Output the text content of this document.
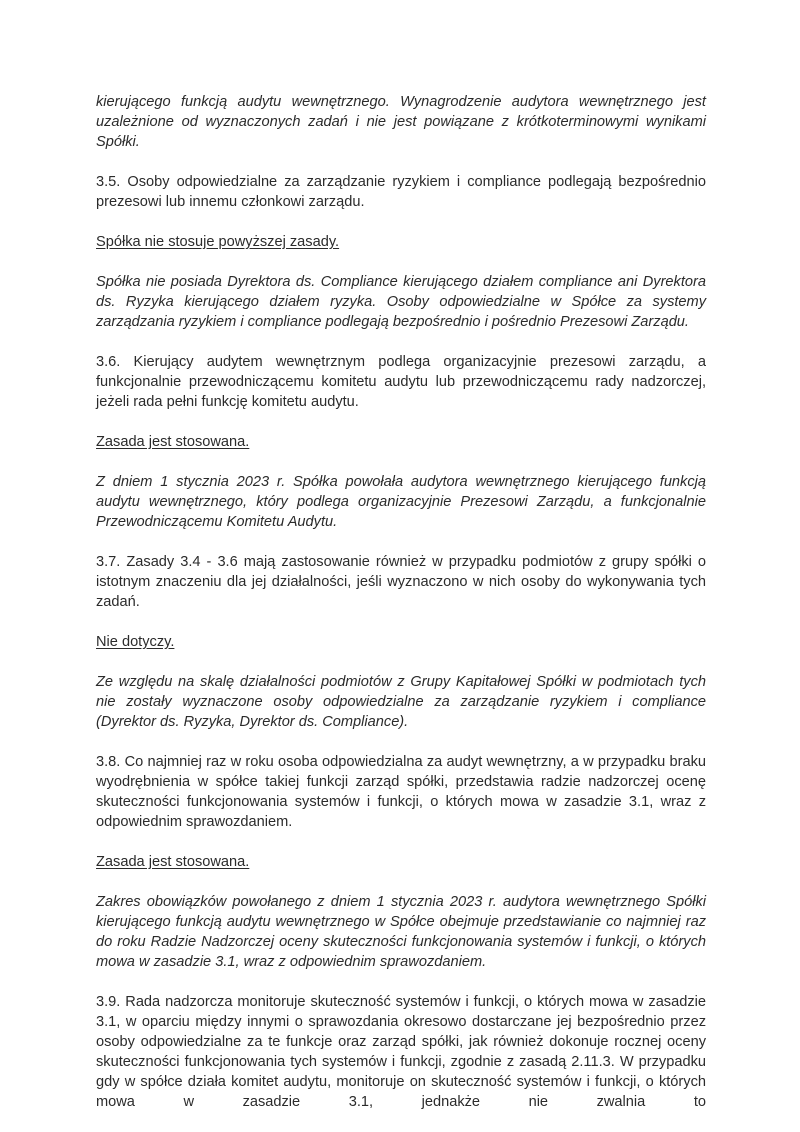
kierującego funkcją audytu wewnętrznego. Wynagrodzenie audytora wewnętrznego jest uzależnione od wyznaczonych zadań i nie jest powiązane z krótkoterminowymi wynikami Spółki.

3.5. Osoby odpowiedzialne za zarządzanie ryzykiem i compliance podlegają bezpośrednio prezesowi lub innemu członkowi zarządu.

Spółka nie stosuje powyższej zasady.

Spółka nie posiada Dyrektora ds. Compliance kierującego działem compliance ani Dyrektora ds. Ryzyka kierującego działem ryzyka. Osoby odpowiedzialne w Spółce za systemy zarządzania ryzykiem i compliance podlegają bezpośrednio i pośrednio Prezesowi Zarządu.

3.6. Kierujący audytem wewnętrznym podlega organizacyjnie prezesowi zarządu, a funkcjonalnie przewodniczącemu komitetu audytu lub przewodniczącemu rady nadzorczej, jeżeli rada pełni funkcję komitetu audytu.

Zasada jest stosowana.

Z dniem 1 stycznia 2023 r. Spółka powołała audytora wewnętrznego kierującego funkcją audytu wewnętrznego, który podlega organizacyjnie Prezesowi Zarządu, a funkcjonalnie Przewodniczącemu Komitetu Audytu.

3.7. Zasady 3.4 - 3.6 mają zastosowanie również w przypadku podmiotów z grupy spółki o istotnym znaczeniu dla jej działalności, jeśli wyznaczono w nich osoby do wykonywania tych zadań.

Nie dotyczy.

Ze względu na skalę działalności podmiotów z Grupy Kapitałowej Spółki w podmiotach tych nie zostały wyznaczone osoby odpowiedzialne za zarządzanie ryzykiem i compliance (Dyrektor ds. Ryzyka, Dyrektor ds. Compliance).

3.8. Co najmniej raz w roku osoba odpowiedzialna za audyt wewnętrzny, a w przypadku braku wyodrębnienia w spółce takiej funkcji zarząd spółki, przedstawia radzie nadzorczej ocenę skuteczności funkcjonowania systemów i funkcji, o których mowa w zasadzie 3.1, wraz z odpowiednim sprawozdaniem.

Zasada jest stosowana.

Zakres obowiązków powołanego z dniem 1 stycznia 2023 r. audytora wewnętrznego Spółki kierującego funkcją audytu wewnętrznego w Spółce obejmuje przedstawianie co najmniej raz do roku Radzie Nadzorczej oceny skuteczności funkcjonowania systemów i funkcji, o których mowa w zasadzie 3.1, wraz z odpowiednim sprawozdaniem.

3.9. Rada nadzorcza monitoruje skuteczność systemów i funkcji, o których mowa w zasadzie 3.1, w oparciu między innymi o sprawozdania okresowo dostarczane jej bezpośrednio przez osoby odpowiedzialne za te funkcje oraz zarząd spółki, jak również dokonuje rocznej oceny skuteczności funkcjonowania tych systemów i funkcji, zgodnie z zasadą 2.11.3. W przypadku gdy w spółce działa komitet audytu, monitoruje on skuteczność systemów i funkcji, o których mowa w zasadzie 3.1, jednakże nie zwalnia to
